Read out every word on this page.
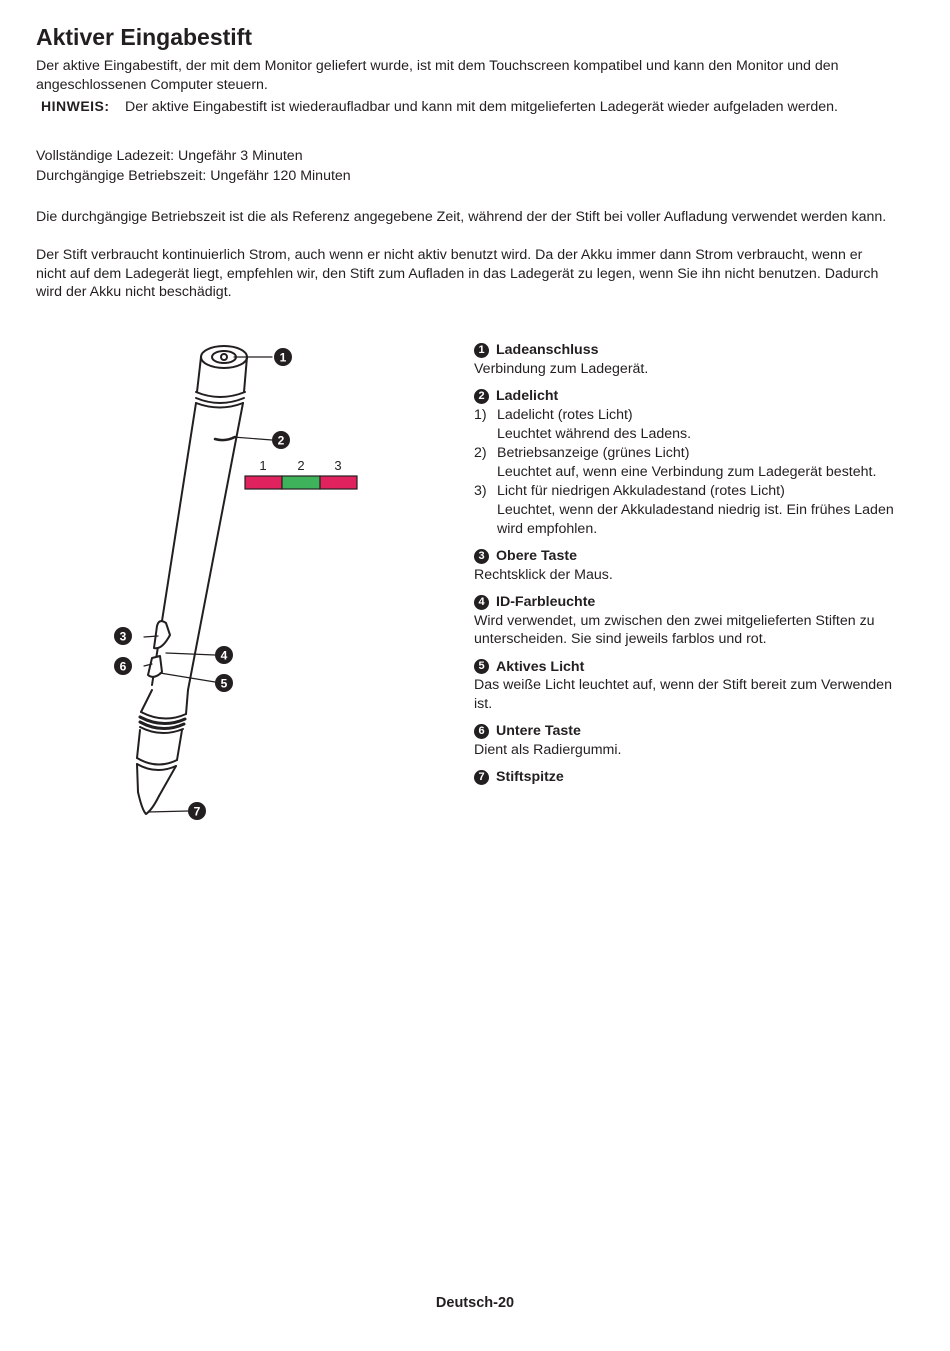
Aktiver Eingabestift

Der aktive Eingabestift, der mit dem Monitor geliefert wurde, ist mit dem Touchscreen kompatibel und kann den Monitor und den angeschlossenen Computer steuern.

HINWEIS: Der aktive Eingabestift ist wiederaufladbar und kann mit dem mitgelieferten Ladegerät wieder aufgeladen werden.
Vollständige Ladezeit: Ungefähr 3 Minuten
Durchgängige Betriebszeit: Ungefähr 120 Minuten

Die durchgängige Betriebszeit ist die als Referenz angegebene Zeit, während der der Stift bei voller Aufladung verwendet werden kann.

Der Stift verbraucht kontinuierlich Strom, auch wenn er nicht aktiv benutzt wird. Da der Akku immer dann Strom verbraucht, wenn er nicht auf dem Ladegerät liegt, empfehlen wir, den Stift zum Aufladen in das Ladegerät zu legen, wenn Sie ihn nicht benutzen. Dadurch wird der Akku nicht beschädigt.

1
2
3
4
5
6
7
1 2 3
1 Ladeanschluss
Verbindung zum Ladegerät.
2 Ladelicht
1) Ladelicht (rotes Licht)
Leuchtet während des Ladens.
2) Betriebsanzeige (grünes Licht)
Leuchtet auf, wenn eine Verbindung zum Ladegerät besteht.
3) Licht für niedrigen Akkuladestand (rotes Licht)
Leuchtet, wenn der Akkuladestand niedrig ist. Ein frühes Laden wird empfohlen.
3 Obere Taste
Rechtsklick der Maus.
4 ID-Farbleuchte
Wird verwendet, um zwischen den zwei mitgelieferten Stiften zu unterscheiden. Sie sind jeweils farblos und rot.
5 Aktives Licht
Das weiße Licht leuchtet auf, wenn der Stift bereit zum Verwenden ist.
6 Untere Taste
Dient als Radiergummi.
7 Stiftspitze
Deutsch-20
